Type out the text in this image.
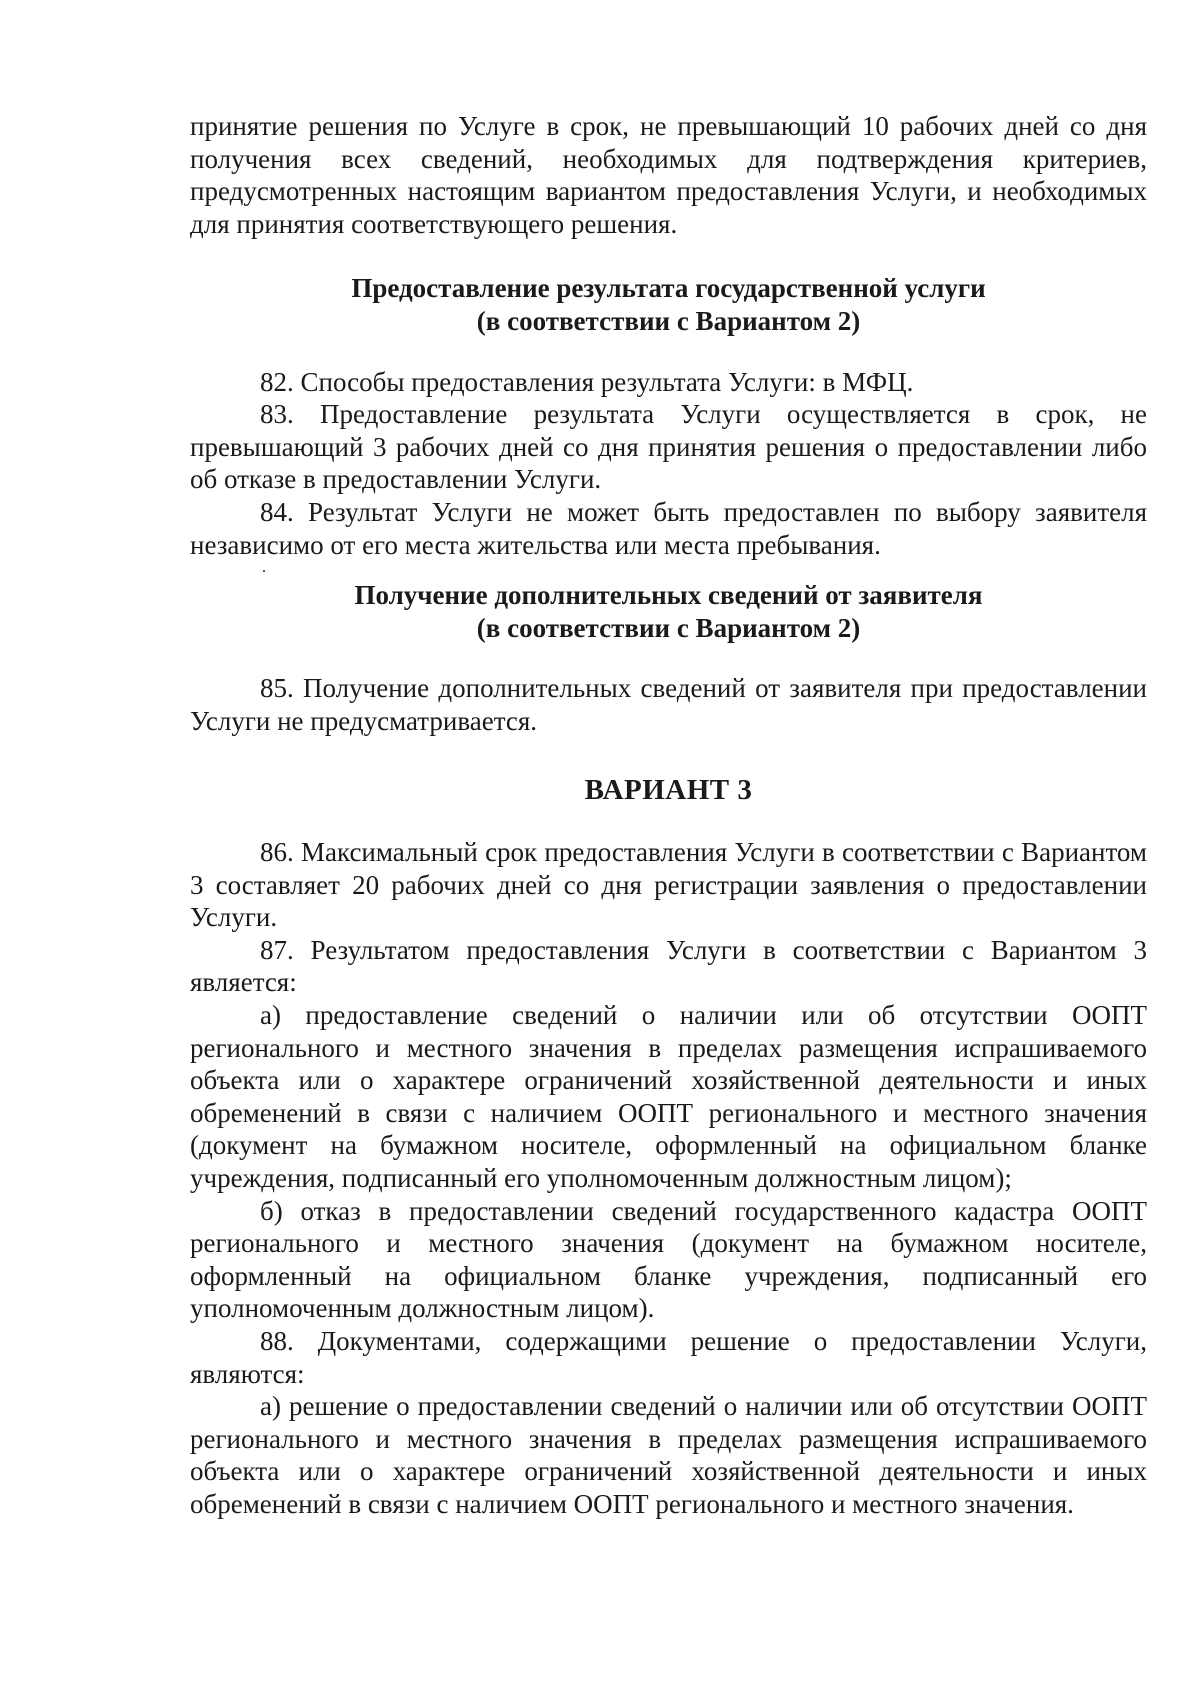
принятие решения по Услуге в срок, не превышающий 10 рабочих дней со дня получения всех сведений, необходимых для подтверждения критериев, предусмотренных настоящим вариантом предоставления Услуги, и необходимых для принятия соответствующего решения.

Предоставление результата государственной услуги

(в соответствии с Вариантом 2)

82. Способы предоставления результата Услуги: в МФЦ.

83. Предоставление результата Услуги осуществляется в срок, не превышающий 3 рабочих дней со дня принятия решения о предоставлении либо об отказе в предоставлении Услуги.

84. Результат Услуги не может быть предоставлен по выбору заявителя независимо от его места жительства или места пребывания.

.

Получение дополнительных сведений от заявителя

(в соответствии с Вариантом 2)

85. Получение дополнительных сведений от заявителя при предоставлении Услуги не предусматривается.

ВАРИАНТ 3

86. Максимальный срок предоставления Услуги в соответствии с Вариантом 3 составляет 20 рабочих дней со дня регистрации заявления о предоставлении Услуги.

87. Результатом предоставления Услуги в соответствии с Вариантом 3 является:

а) предоставление сведений о наличии или об отсутствии ООПТ регионального и местного значения в пределах размещения испрашиваемого объекта или о характере ограничений хозяйственной деятельности и иных обременений в связи с наличием ООПТ регионального и местного значения (документ на бумажном носителе, оформленный на официальном бланке учреждения, подписанный его уполномоченным должностным лицом);

б) отказ в предоставлении сведений государственного кадастра ООПТ регионального и местного значения (документ на бумажном носителе, оформленный на официальном бланке учреждения, подписанный его уполномоченным должностным лицом).

88. Документами, содержащими решение о предоставлении Услуги, являются:

а) решение о предоставлении сведений о наличии или об отсутствии ООПТ регионального и местного значения в пределах размещения испрашиваемого объекта или о характере ограничений хозяйственной деятельности и иных обременений в связи с наличием ООПТ регионального и местного значения.
